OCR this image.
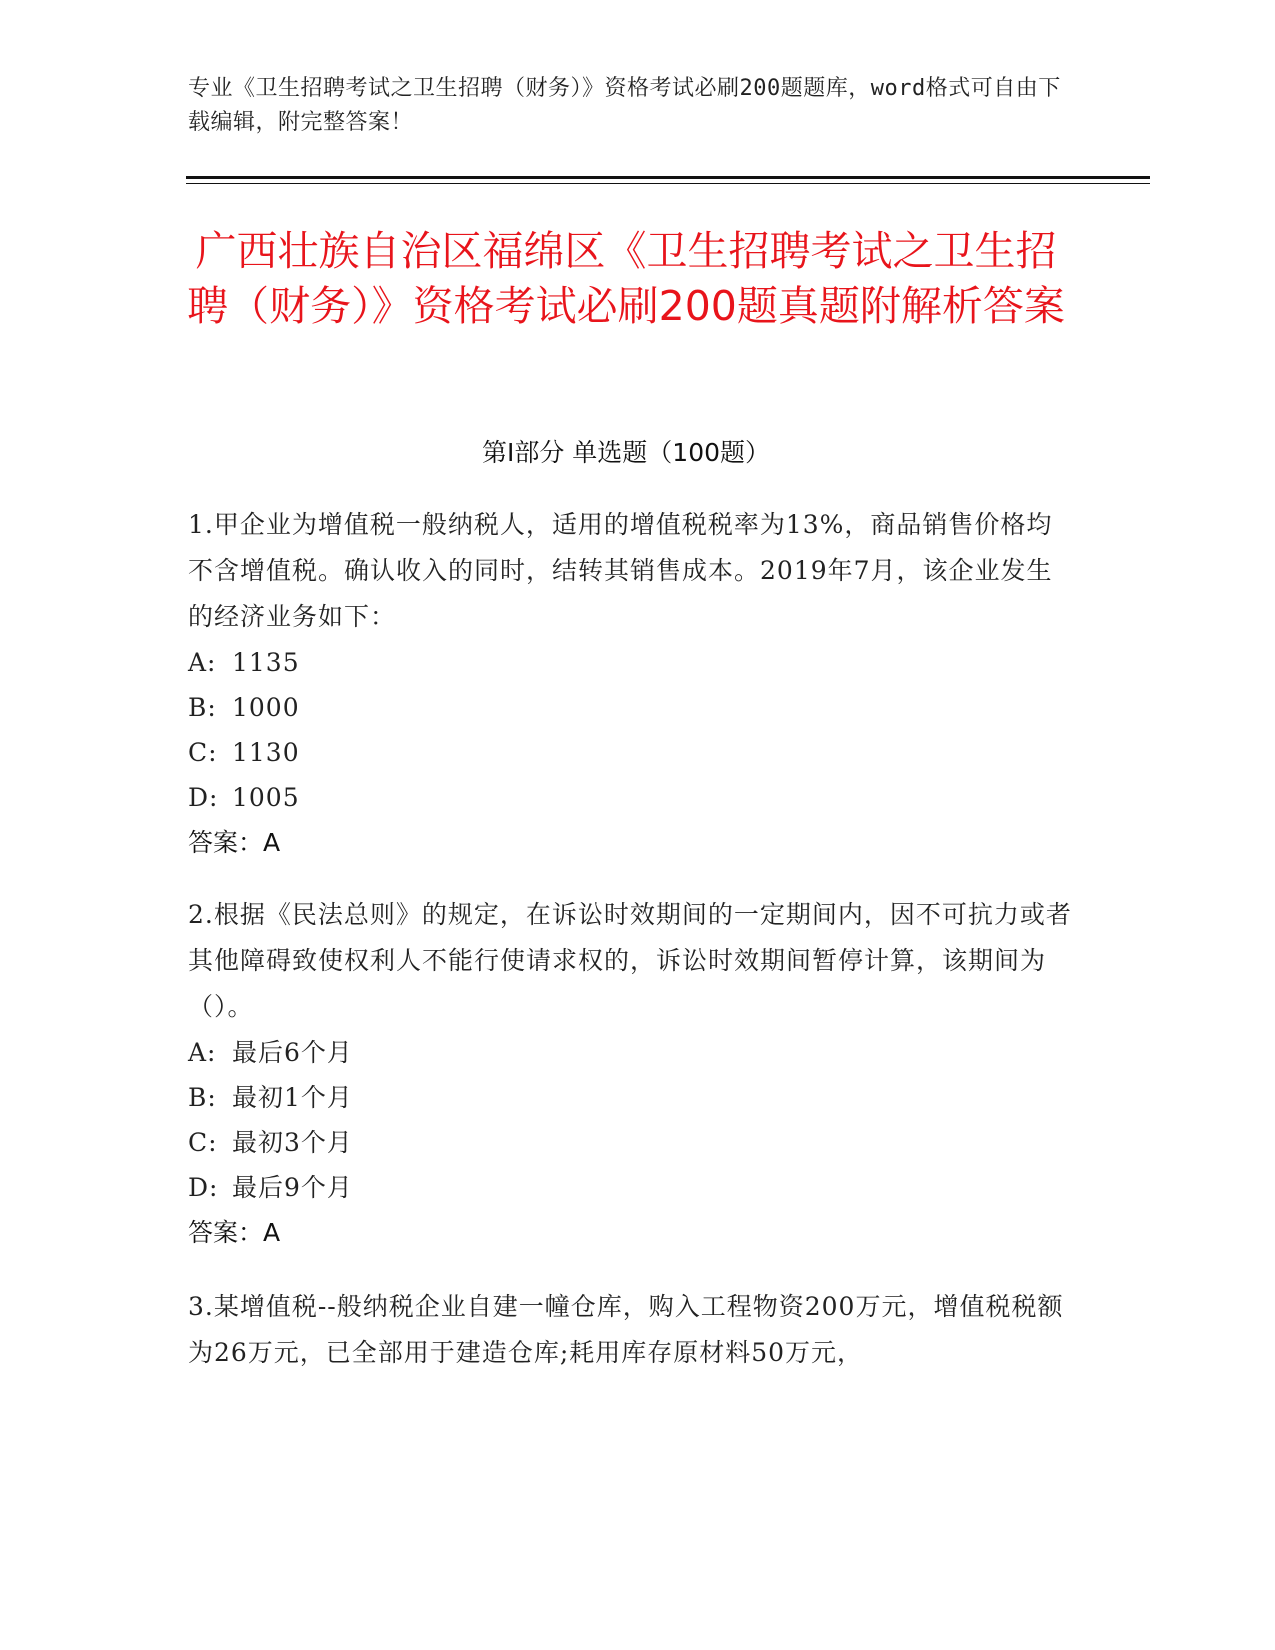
专业《卫生招聘考试之卫生招聘（财务）》资格考试必刷200题题库，word格式可自由下载编辑，附完整答案！
广西壮族自治区福绵区《卫生招聘考试之卫生招聘（财务）》资格考试必刷200题真题附解析答案
第I部分 单选题（100题）
1.甲企业为增值税一般纳税人，适用的增值税税率为13%，商品销售价格均不含增值税。确认收入的同时，结转其销售成本。2019年7月，该企业发生的经济业务如下：
A: 1135
B: 1000
C: 1130
D: 1005
答案：A
2.根据《民法总则》的规定，在诉讼时效期间的一定期间内，因不可抗力或者其他障碍致使权利人不能行使请求权的，诉讼时效期间暂停计算，该期间为（）。
A: 最后6个月
B: 最初1个月
C: 最初3个月
D: 最后9个月
答案：A
3.某增值税--般纳税企业自建一幢仓库，购入工程物资200万元，增值税税额为26万元，已全部用于建造仓库;耗用库存原材料50万元，
